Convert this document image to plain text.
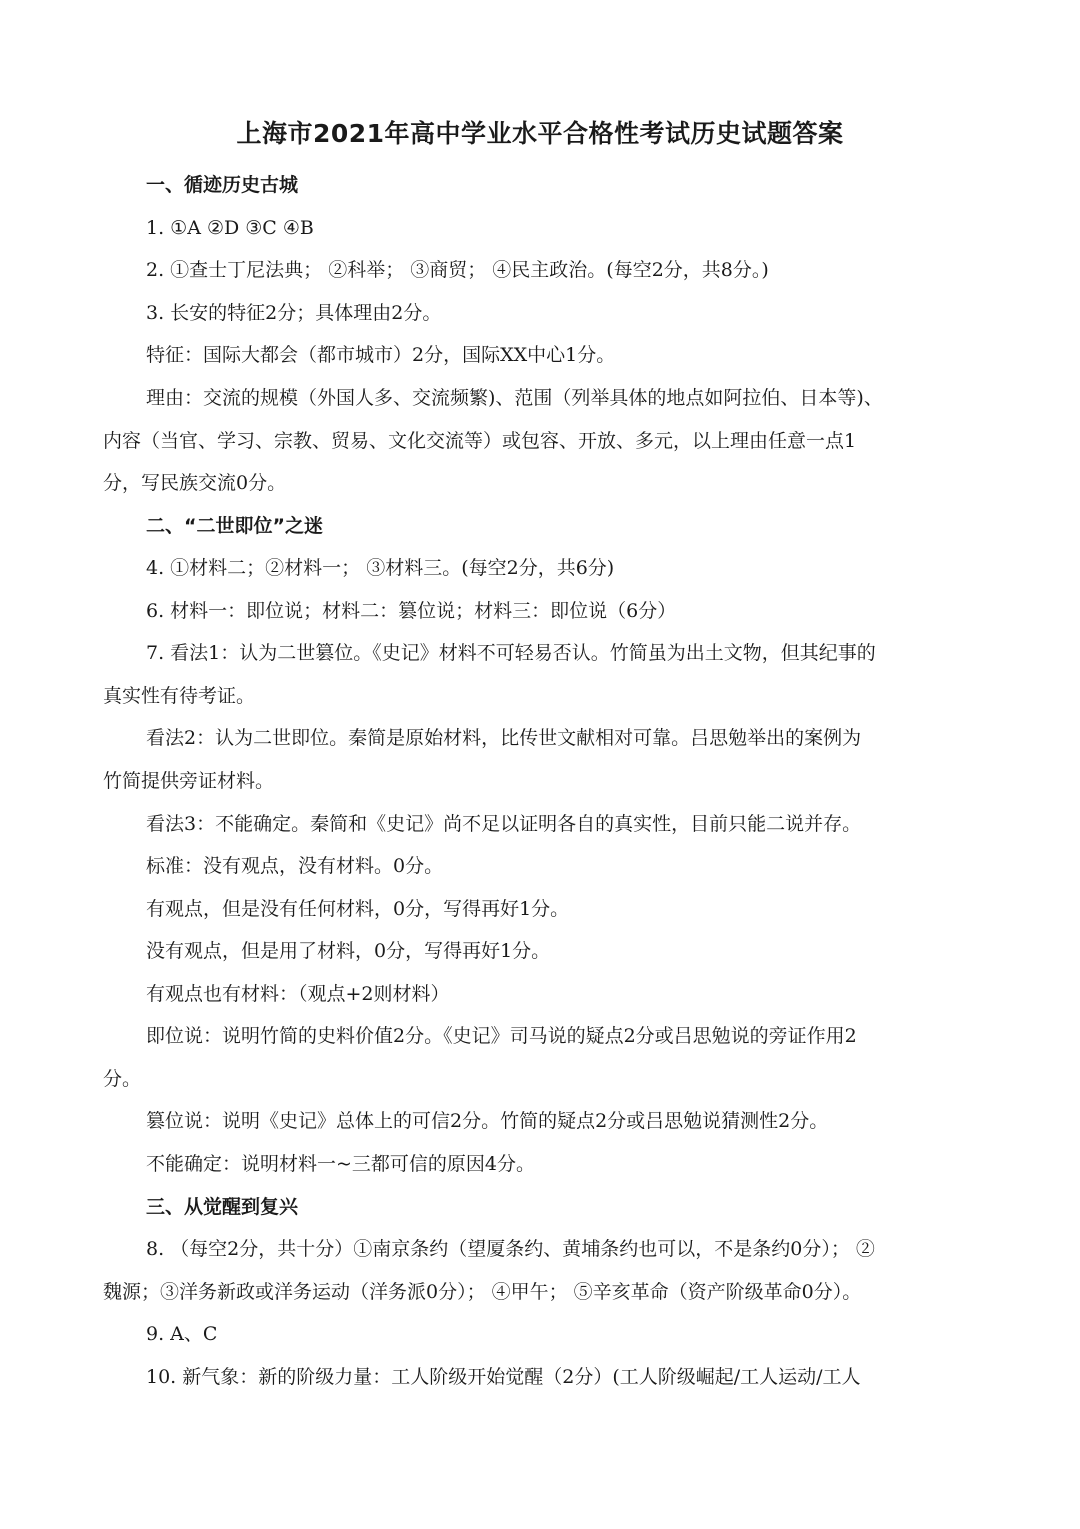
上海市2021年高中学业水平合格性考试历史试题答案

一、循迹历史古城

1. ①A ②D ③C ④B

2. ①查士丁尼法典； ②科举； ③商贸； ④民主政治。(每空2分，共8分。)

3. 长安的特征2分；具体理由2分。

特征：国际大都会（都市城市）2分，国际XX中心1分。

理由：交流的规模（外国人多、交流频繁)、范围（列举具体的地点如阿拉伯、日本等)、

内容（当官、学习、宗教、贸易、文化交流等）或包容、开放、多元，以上理由任意一点1

分，写民族交流0分。

二、“二世即位”之迷

4. ①材料二；②材料一； ③材料三。(每空2分，共6分)

6. 材料一：即位说；材料二：篡位说；材料三：即位说（6分）

7. 看法1：认为二世篡位。《史记》材料不可轻易否认。竹简虽为出土文物，但其纪事的

真实性有待考证。

看法2：认为二世即位。秦简是原始材料，比传世文献相对可靠。吕思勉举出的案例为

竹简提供旁证材料。

看法3：不能确定。秦简和《史记》尚不足以证明各自的真实性，目前只能二说并存。

标准：没有观点，没有材料。0分。

有观点，但是没有任何材料，0分，写得再好1分。

没有观点，但是用了材料，0分，写得再好1分。

有观点也有材料：（观点+2则材料）

即位说：说明竹简的史料价值2分。《史记》司马说的疑点2分或吕思勉说的旁证作用2

分。

篡位说：说明《史记》总体上的可信2分。竹简的疑点2分或吕思勉说猜测性2分。

不能确定：说明材料一~三都可信的原因4分。

三、从觉醒到复兴

8. （每空2分，共十分）①南京条约（望厦条约、黄埔条约也可以，不是条约0分）； ②

魏源；③洋务新政或洋务运动（洋务派0分）； ④甲午； ⑤辛亥革命（资产阶级革命0分）。

9. A、C

10. 新气象：新的阶级力量：工人阶级开始觉醒（2分）(工人阶级崛起/工人运动/工人
